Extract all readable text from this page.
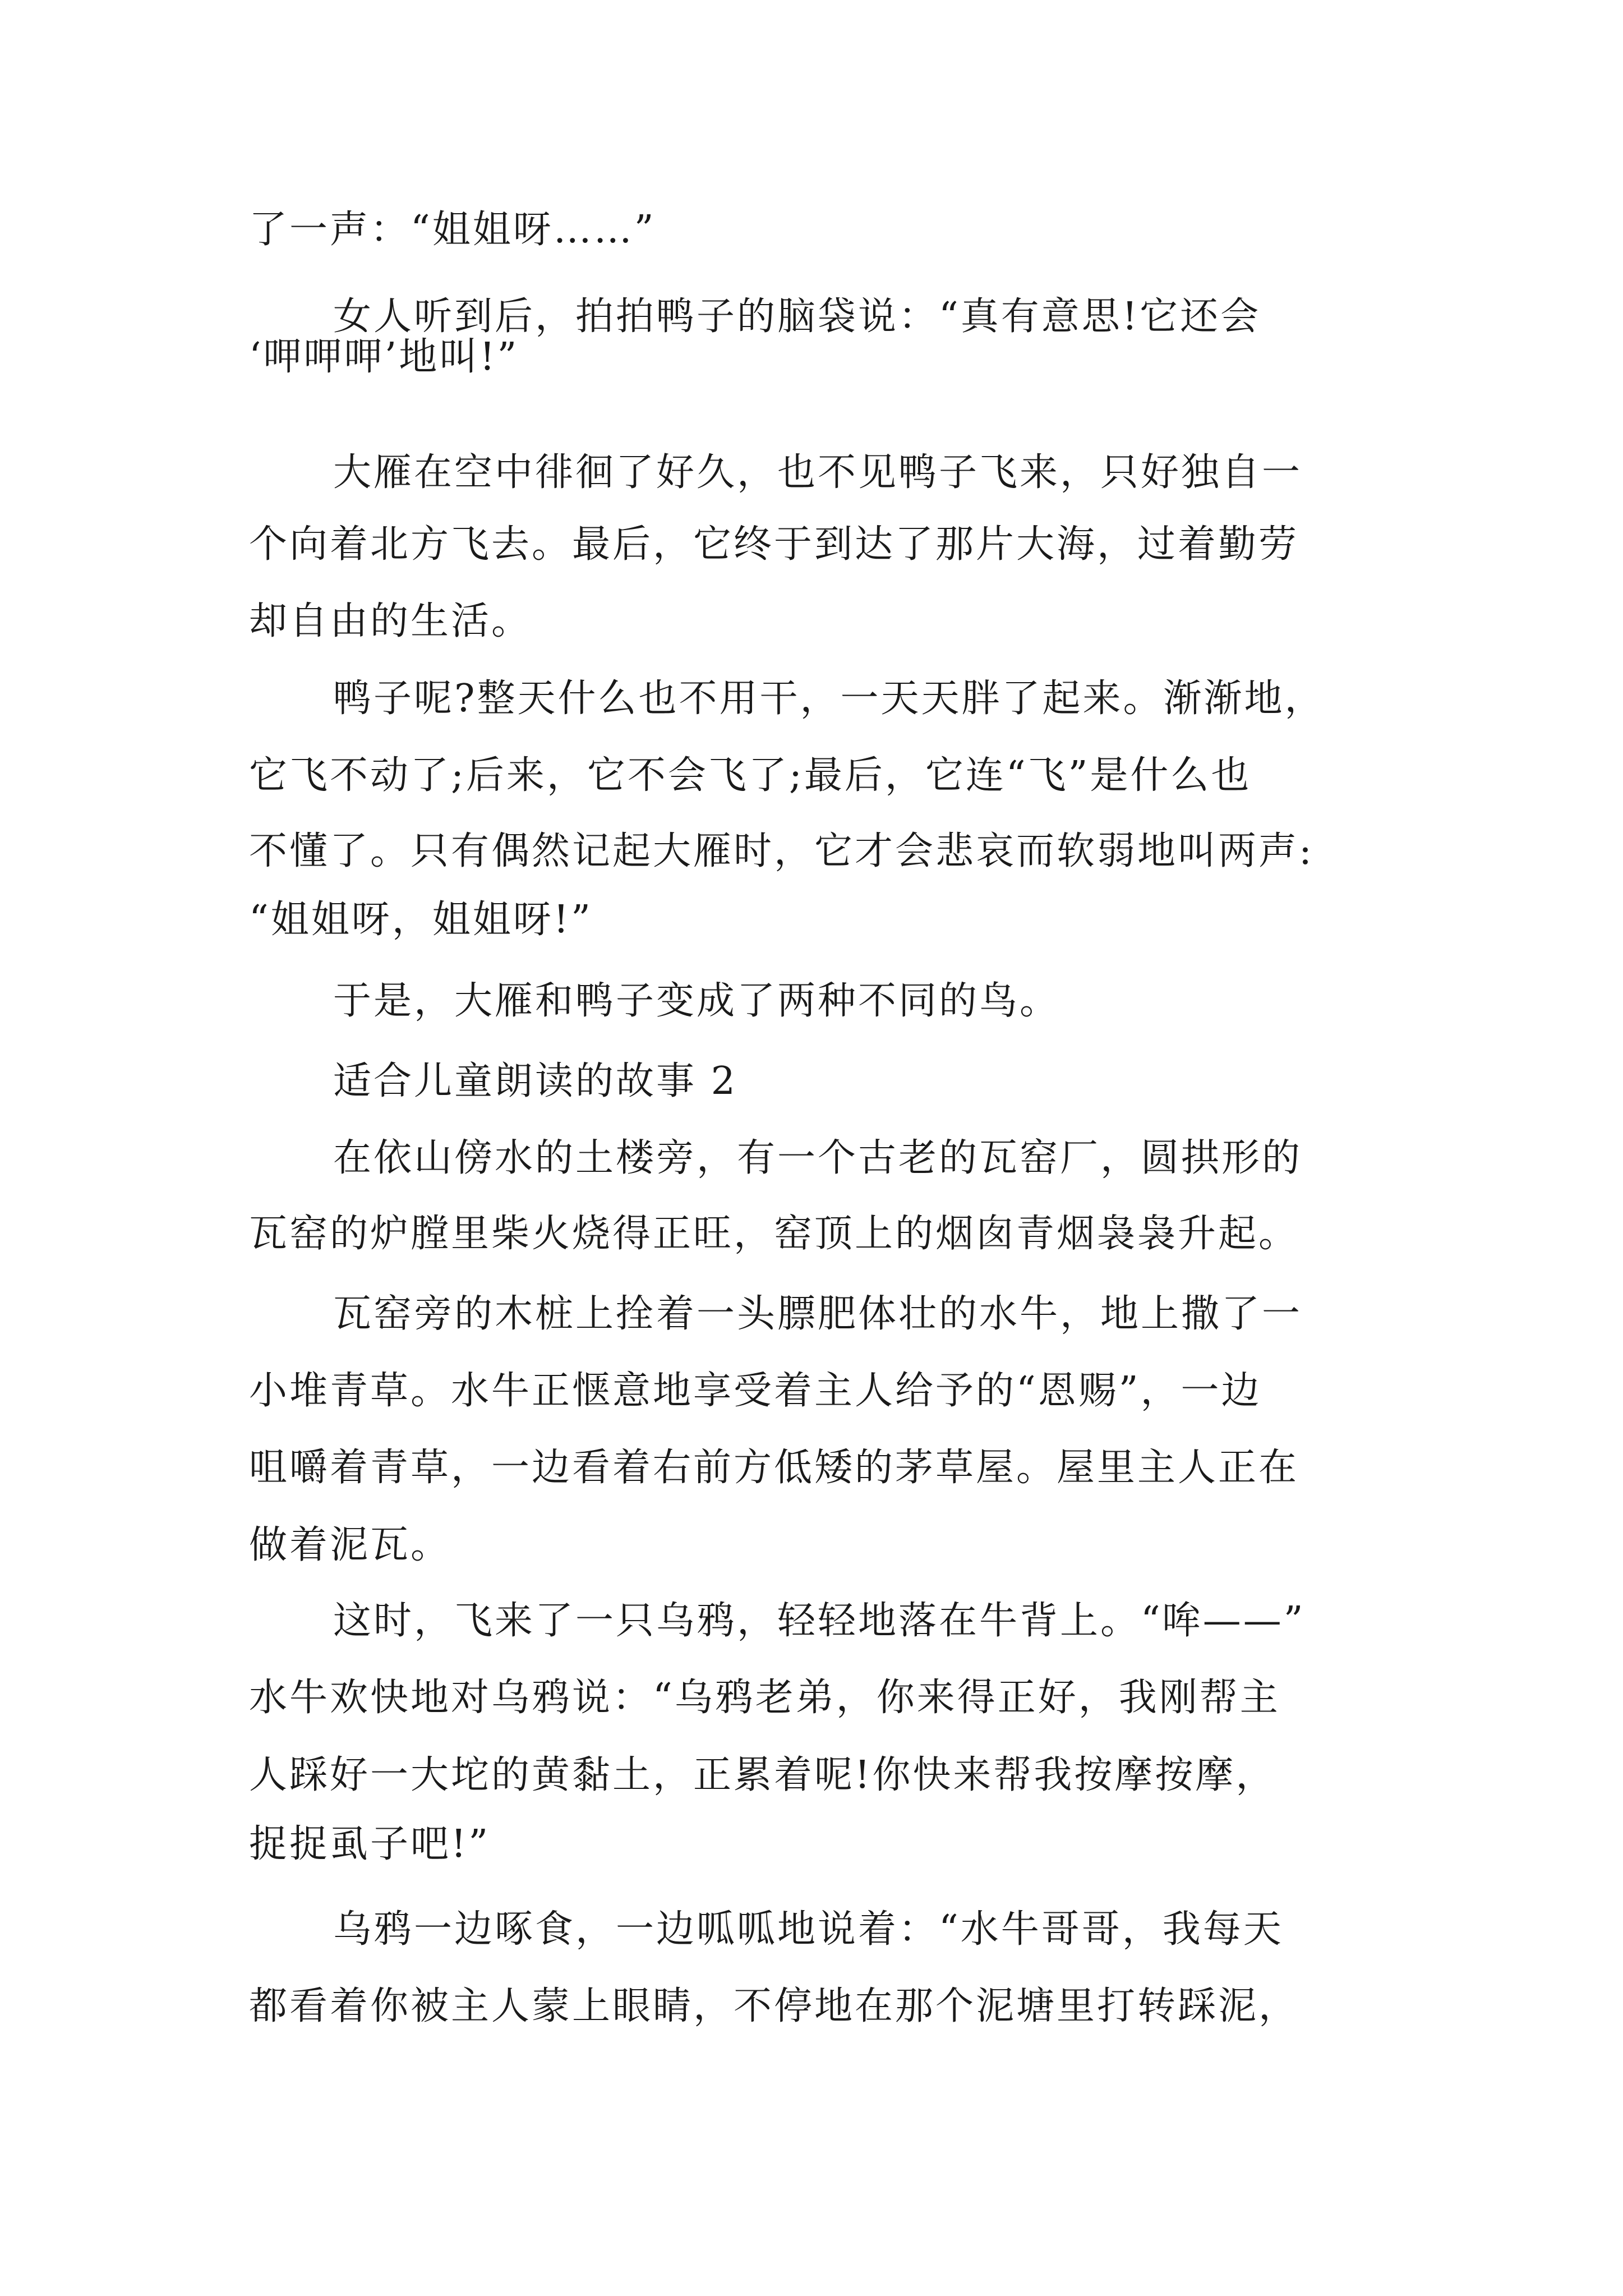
了一声：“姐姐呀……”

女人听到后，拍拍鸭子的脑袋说：“真有意思!它还会

‘呷呷呷’地叫!”

大雁在空中徘徊了好久，也不见鸭子飞来，只好独自一

个向着北方飞去。最后，它终于到达了那片大海，过着勤劳

却自由的生活。

鸭子呢?整天什么也不用干，一天天胖了起来。渐渐地，

它飞不动了;后来，它不会飞了;最后，它连“飞”是什么也

不懂了。只有偶然记起大雁时，它才会悲哀而软弱地叫两声:

“姐姐呀，姐姐呀!”

于是，大雁和鸭子变成了两种不同的鸟。

适合儿童朗读的故事 2

在依山傍水的土楼旁，有一个古老的瓦窑厂，圆拱形的

瓦窑的炉膛里柴火烧得正旺，窑顶上的烟囱青烟袅袅升起。

瓦窑旁的木桩上拴着一头膘肥体壮的水牛，地上撒了一

小堆青草。水牛正惬意地享受着主人给予的“恩赐”，一边

咀嚼着青草，一边看着右前方低矮的茅草屋。屋里主人正在

做着泥瓦。

这时，飞来了一只乌鸦，轻轻地落在牛背上。“哞——”

水牛欢快地对乌鸦说：“乌鸦老弟，你来得正好，我刚帮主

人踩好一大坨的黄黏土，正累着呢!你快来帮我按摩按摩，

捉捉虱子吧!”

乌鸦一边啄食，一边呱呱地说着：“水牛哥哥，我每天

都看着你被主人蒙上眼睛，不停地在那个泥塘里打转踩泥，
